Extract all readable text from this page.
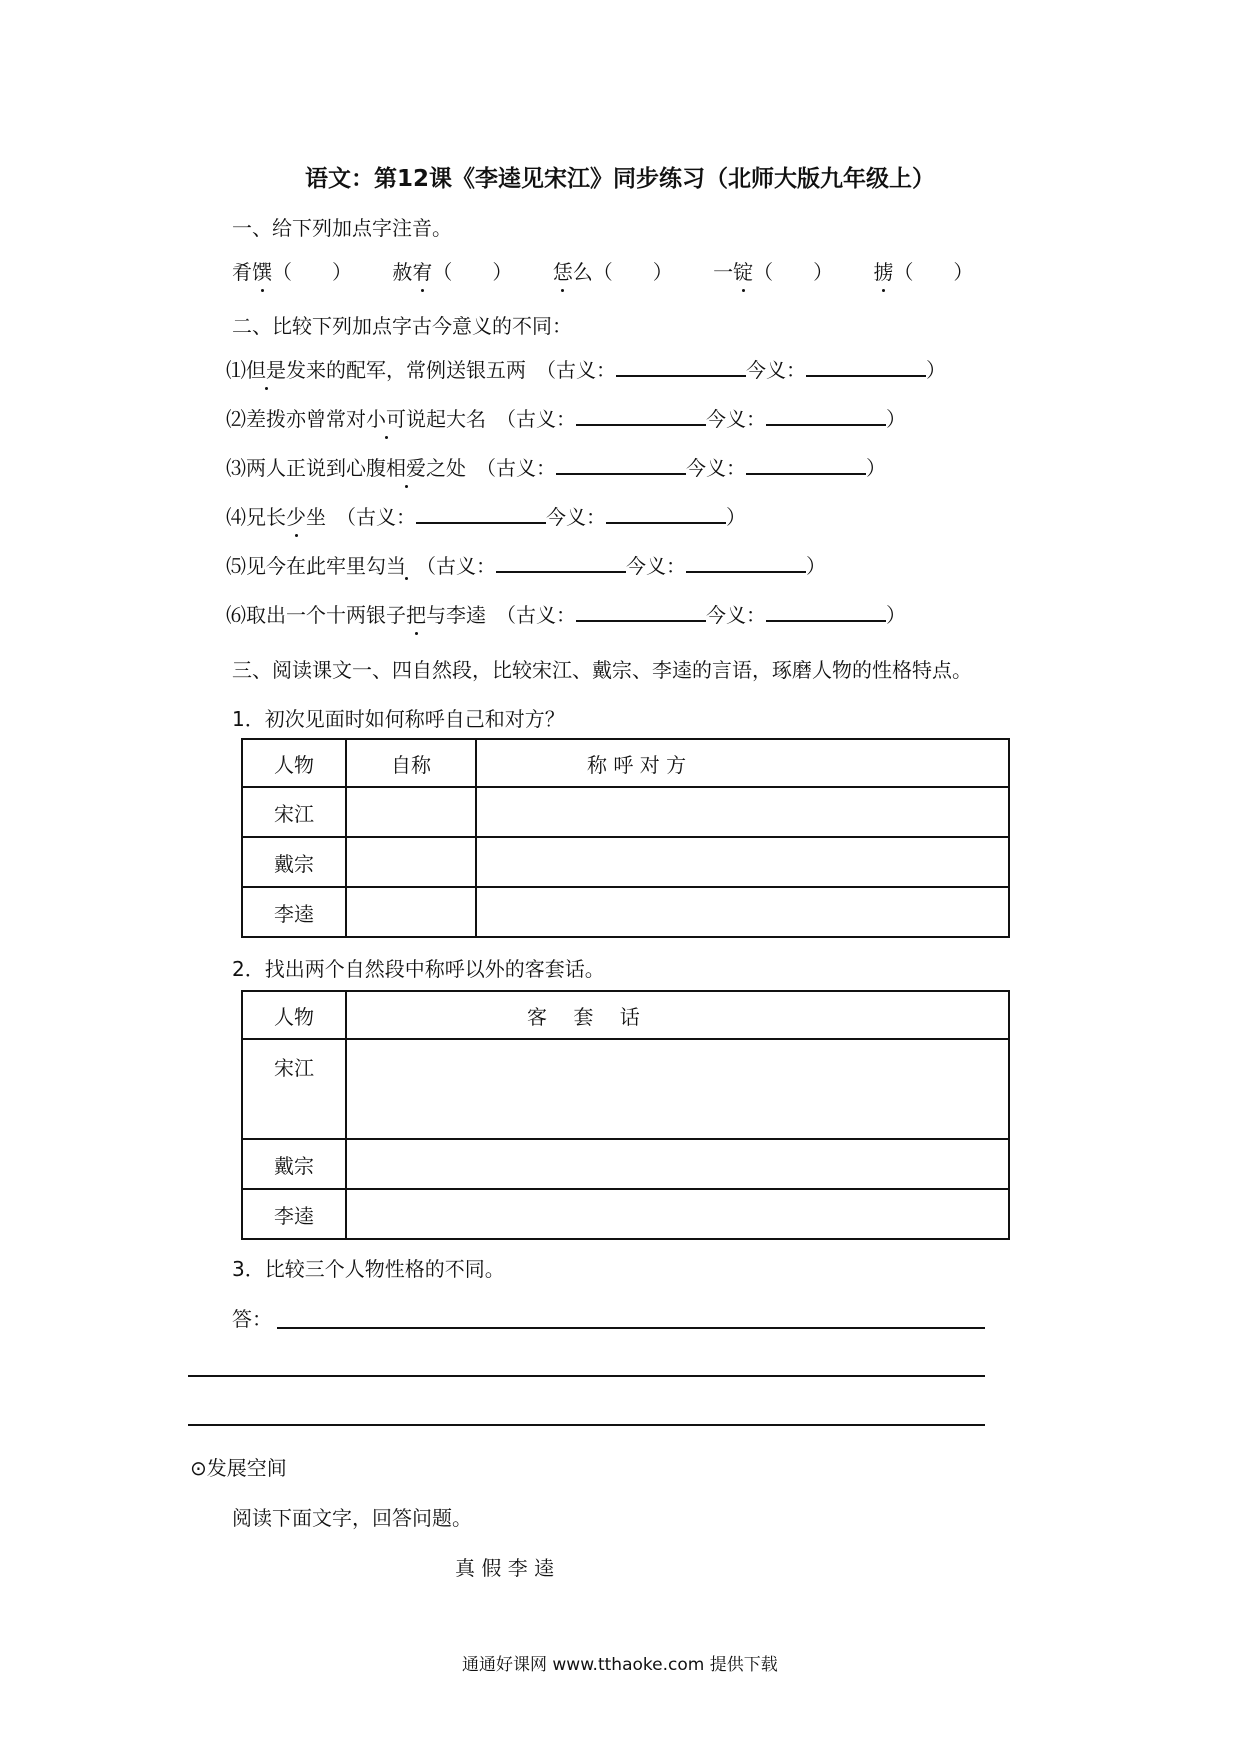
语文：第12课《李逵见宋江》同步练习（北师大版九年级上）
一、给下列加点字注音。
肴馔（　　） 赦宥（　　） 恁么（　　） 一锭（　　） 掳（　　）
二、比较下列加点字古今意义的不同：
⑴但是发来的配军，常例送银五两　（古义：	今义：	）
⑵差拨亦曾常对小可说起大名　（古义：	今义：	）
⑶两人正说到心腹相爱之处　（古义：	今义：	）
⑷兄长少坐　（古义：	今义：	）
⑸见今在此牢里勾当　 （古义：	今义：	）
⑹取出一个十两银子把与李逵　（古义：	今义：	）
三、阅读课文一、四自然段，比较宋江、戴宗、李逵的言语，琢磨人物的性格特点。
1．初次见面时如何称呼自己和对方？
人物	自称	称 呼 对 方
宋江		
戴宗		
李逵		
2．找出两个自然段中称呼以外的客套话。
人物	客　 套　 话
宋江	
戴宗	
李逵	
3．比较三个人物性格的不同。
答：
⊙发展空间
阅读下面文字，回答问题。
真 假 李 逵
通通好课网 www.tthaoke.com 提供下载
